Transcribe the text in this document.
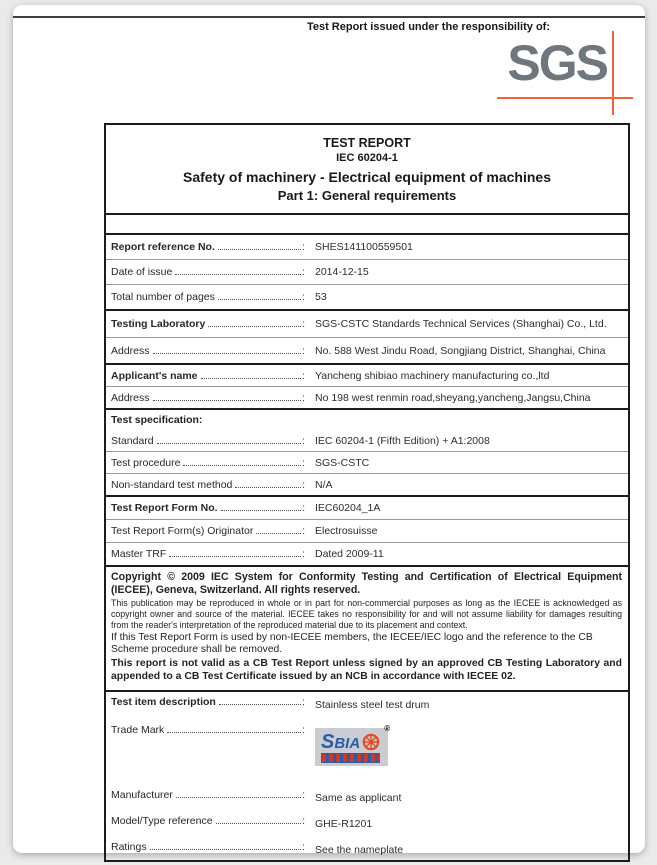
Test Report issued under the responsibility of:
SGS
TEST REPORT
IEC 60204-1
Safety of machinery - Electrical equipment of machines
Part 1: General requirements
Report reference No.	: SHES141100559501
Date of issue	: 2014-12-15
Total number of pages	: 53
Testing Laboratory	: SGS-CSTC Standards Technical Services (Shanghai) Co., Ltd.
Address	: No. 588 West Jindu Road, Songjiang District, Shanghai, China
Applicant's name	: Yancheng shibiao machinery manufacturing co.,ltd
Address	: No 198 west renmin road,sheyang,yancheng,Jangsu,China
Test specification:
Standard	: IEC 60204-1 (Fifth Edition) + A1:2008
Test procedure	: SGS-CSTC
Non-standard test method	: N/A
Test Report Form No.	: IEC60204_1A
Test Report Form(s) Originator	: Electrosuisse
Master TRF	: Dated 2009-11

Copyright © 2009 IEC System for Conformity Testing and Certification of Electrical Equipment (IECEE), Geneva, Switzerland. All rights reserved.

This publication may be reproduced in whole or in part for non-commercial purposes as long as the IECEE is acknowledged as copyright owner and source of the material. IECEE takes no responsibility for and will not assume liability for damages resulting from the reader's interpretation of the reproduced material due to its placement and context.

If this Test Report Form is used by non-IECEE members, the IECEE/IEC logo and the reference to the CB Scheme procedure shall be removed.

This report is not valid as a CB Test Report unless signed by an approved CB Testing Laboratory and appended to a CB Test Certificate issued by an NCB in accordance with IECEE 02.

Test item description	: Stainless steel test drum
Trade Mark	:	®
SBIA
Manufacturer	: Same as applicant
Model/Type reference	: GHE-R1201
Ratings	: See the nameplate
